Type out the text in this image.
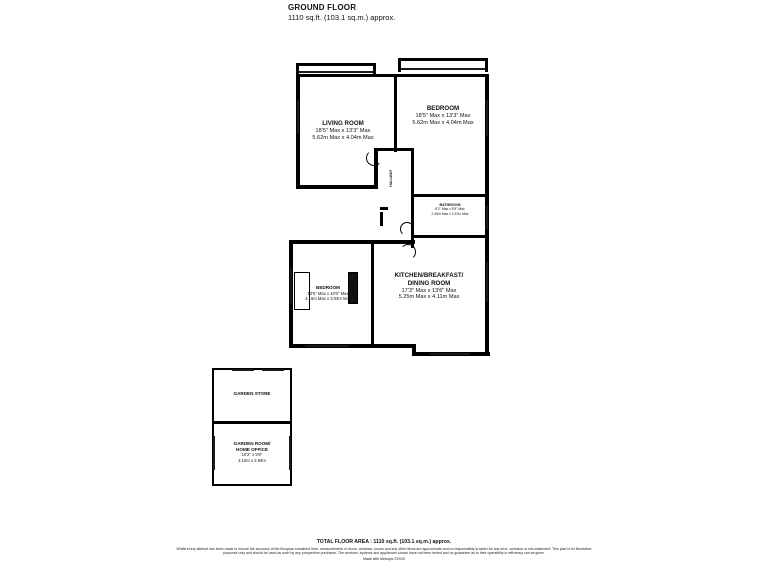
GROUND FLOOR
1110 sq.ft. (103.1 sq.m.) approx.
LIVING ROOM
18'5" Max x 13'3" Max
5.62m Max x 4.04m Max
BEDROOM
18'5" Max x 13'3" Max
5.62m Max x 4.04m Max
HALLWAY
BATHROOM
8'2" Max x 8'5" Max
2.49m Max x 2.57m Max
BEDROOM
13'5" Max x 10'0" Max
4.10m Max x 3.04m Max
KITCHEN/BREAKFAST/
DINING ROOM
17'3" Max x 13'6" Max
5.25m Max x 4.11m Max
GARDEN STORE
GARDEN ROOM/
HOME OFFICE
10'2" x 9'8"
3.10m x 2.94m
TOTAL FLOOR AREA : 1110 sq.ft. (103.1 sq.m.) approx.
Whilst every attempt has been made to ensure the accuracy of the floorplan contained here, measurements of doors, windows, rooms and any other items are approximate and no responsibility is taken for any error, omission or mis-statement. This plan is for illustrative purposes only and should be used as such by any prospective purchaser. The services, systems and appliances shown have not been tested and no guarantee as to their operability or efficiency can be given.
Made with Metropix ©2019
